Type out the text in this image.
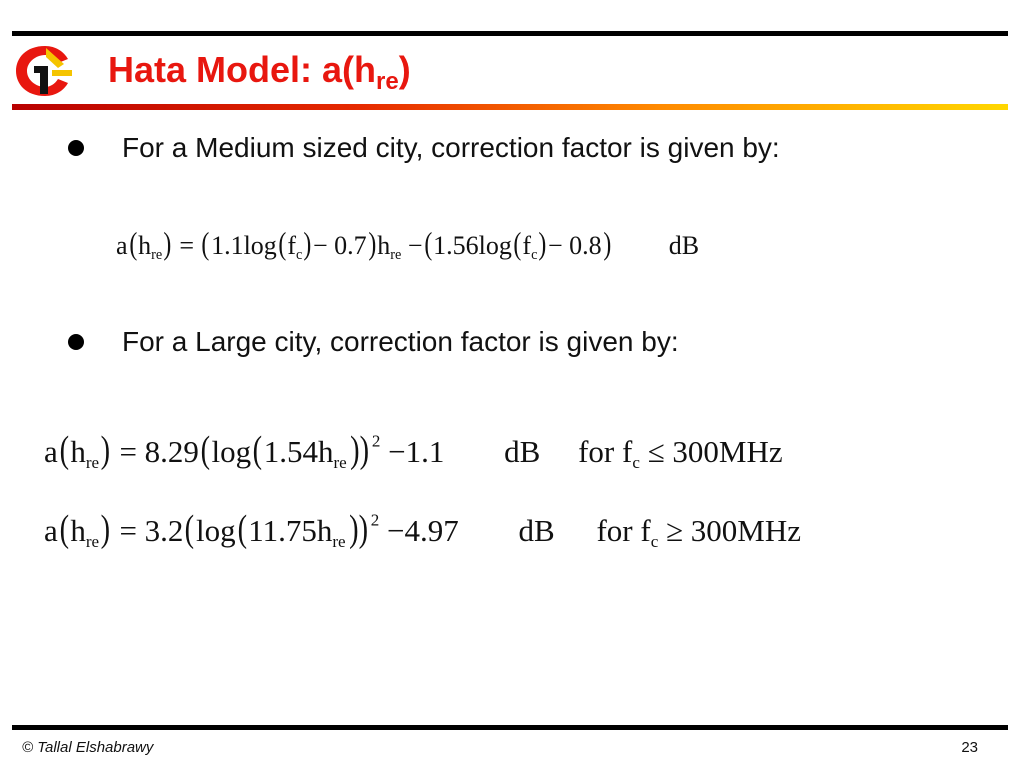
Hata Model: $a(h_{re})$
For a Medium sized city, correction factor is given by:
$a(h_{re}) = (1.1\log(f_c)- 0.7)h_{re} -(1.56\log(f_c)- 0.8)$ dB
For a Large city, correction factor is given by:
$a(h_{re}) = 8.29(\log(1.54h_{re}))$ $^2$ −1.1 dB for $f_c \le 300MHz$
$a(h_{re}) = 3.2(\log(11.75h_{re}))$ $^2$ −4.97 dB for $f_c \ge 300MHz$
© Tallal Elshabrawy	23
